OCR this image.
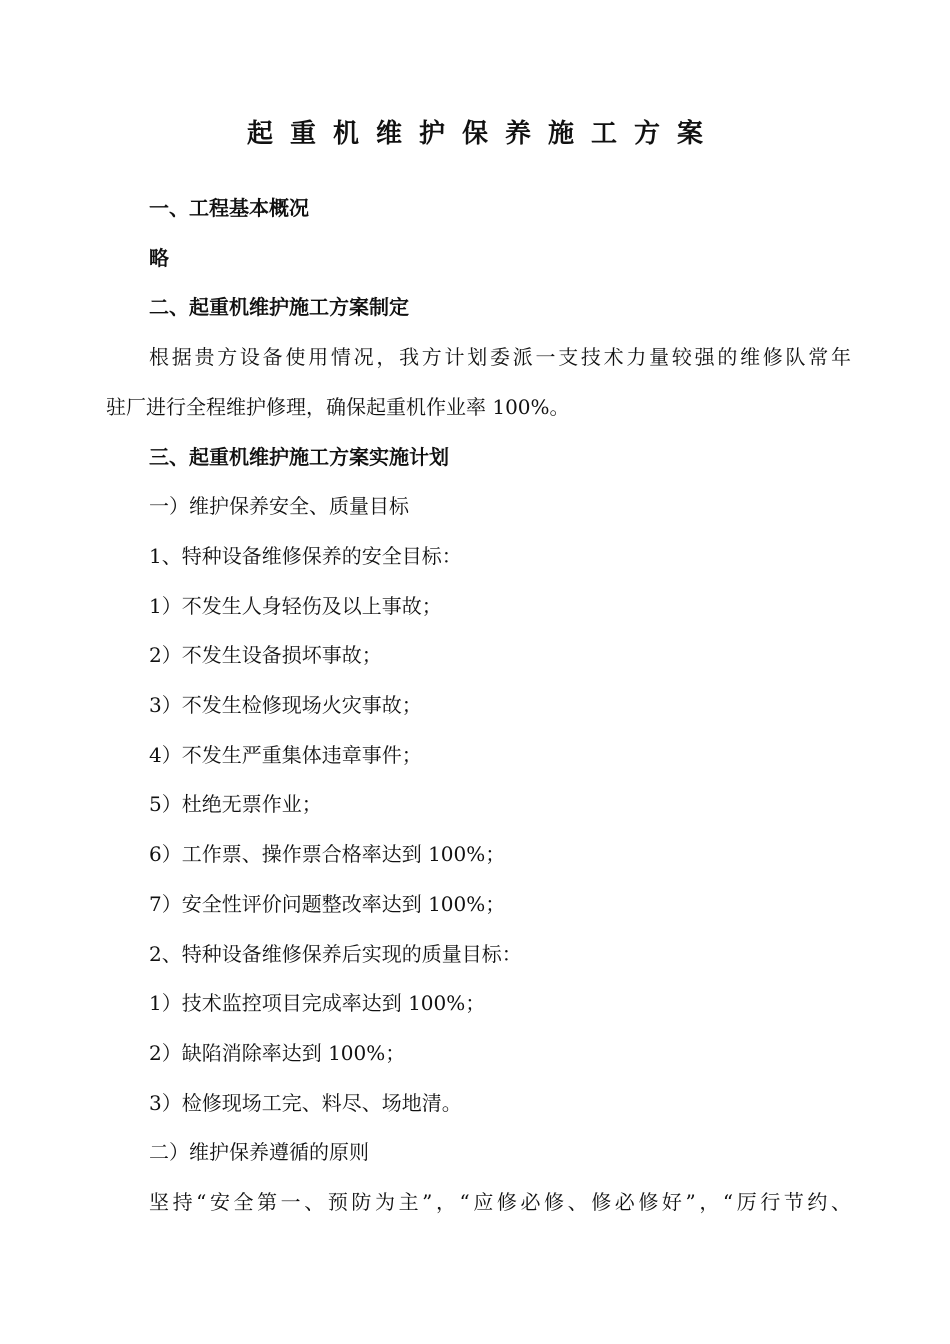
起重机维护保养施工方案
一、工程基本概况
略
二、起重机维护施工方案制定
根据贵方设备使用情况，我方计划委派一支技术力量较强的维修队常年
驻厂进行全程维护修理，确保起重机作业率 100%。
三、起重机维护施工方案实施计划
一）维护保养安全、质量目标
1、特种设备维修保养的安全目标：
1）不发生人身轻伤及以上事故；
2）不发生设备损坏事故；
3）不发生检修现场火灾事故；
4）不发生严重集体违章事件；
5）杜绝无票作业；
6）工作票、操作票合格率达到 100%；
7）安全性评价问题整改率达到 100%；
2、特种设备维修保养后实现的质量目标：
1）技术监控项目完成率达到 100%；
2）缺陷消除率达到 100%；
3）检修现场工完、料尽、场地清。
二）维护保养遵循的原则
坚持“安全第一、预防为主”，“应修必修、修必修好”，“厉行节约、
